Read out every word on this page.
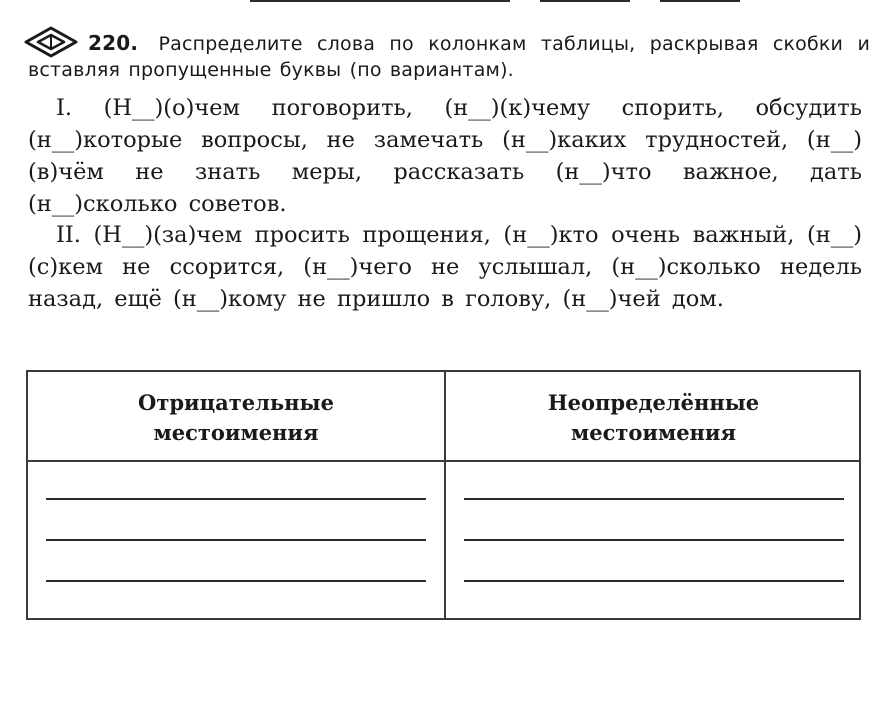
220. Распределите слова по колонкам таблицы, раскрывая скобки и вставляя пропущенные буквы (по вариантам).
I. (Н__)(о)чем поговорить, (н__)(к)чему спорить, обсудить (н__)которые вопросы, не замечать (н__)каких трудностей, (н__)(в)чём не знать меры, рассказать (н__)что важное, дать (н__)сколько советов.
II. (Н__)(за)чем просить прощения, (н__)кто очень важный, (н__)(с)кем не ссорится, (н__)чего не услышал, (н__)сколько недель назад, ещё (н__)кому не пришло в голову, (н__)чей дом.
Отрицательные
местоимения
Неопределённые
местоимения
